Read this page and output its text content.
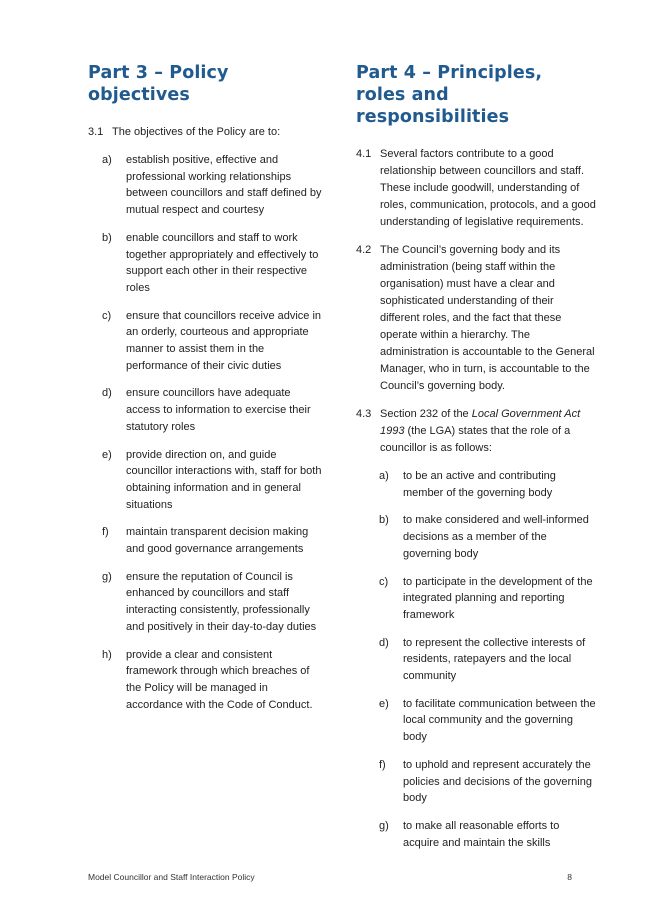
Part 3 – Policy objectives
3.1 The objectives of the Policy are to:
a)	establish positive, effective and professional working relationships between councillors and staff defined by mutual respect and courtesy
b)	enable councillors and staff to work together appropriately and effectively to support each other in their respective roles
c)	ensure that councillors receive advice in an orderly, courteous and appropriate manner to assist them in the performance of their civic duties
d)	ensure councillors have adequate access to information to exercise their statutory roles
e)	provide direction on, and guide councillor interactions with, staff for both obtaining information and in general situations
f)	maintain transparent decision making and good governance arrangements
g)	ensure the reputation of Council is enhanced by councillors and staff interacting consistently, professionally and positively in their day-to-day duties
h)	provide a clear and consistent framework through which breaches of the Policy will be managed in accordance with the Code of Conduct.
Part 4 – Principles, roles and responsibilities
4.1 Several factors contribute to a good relationship between councillors and staff. These include goodwill, understanding of roles, communication, protocols, and a good understanding of legislative requirements.
4.2 The Council’s governing body and its administration (being staff within the organisation) must have a clear and sophisticated understanding of their different roles, and the fact that these operate within a hierarchy. The administration is accountable to the General Manager, who in turn, is accountable to the Council’s governing body.
4.3 Section 232 of the Local Government Act 1993 (the LGA) states that the role of a councillor is as follows:
a)	to be an active and contributing member of the governing body
b)	to make considered and well-informed decisions as a member of the governing body
c)	to participate in the development of the integrated planning and reporting framework
d)	to represent the collective interests of residents, ratepayers and the local community
e)	to facilitate communication between the local community and the governing body
f)	to uphold and represent accurately the policies and decisions of the governing body
g)	to make all reasonable efforts to acquire and maintain the skills
Model Councillor and Staff Interaction Policy	8
